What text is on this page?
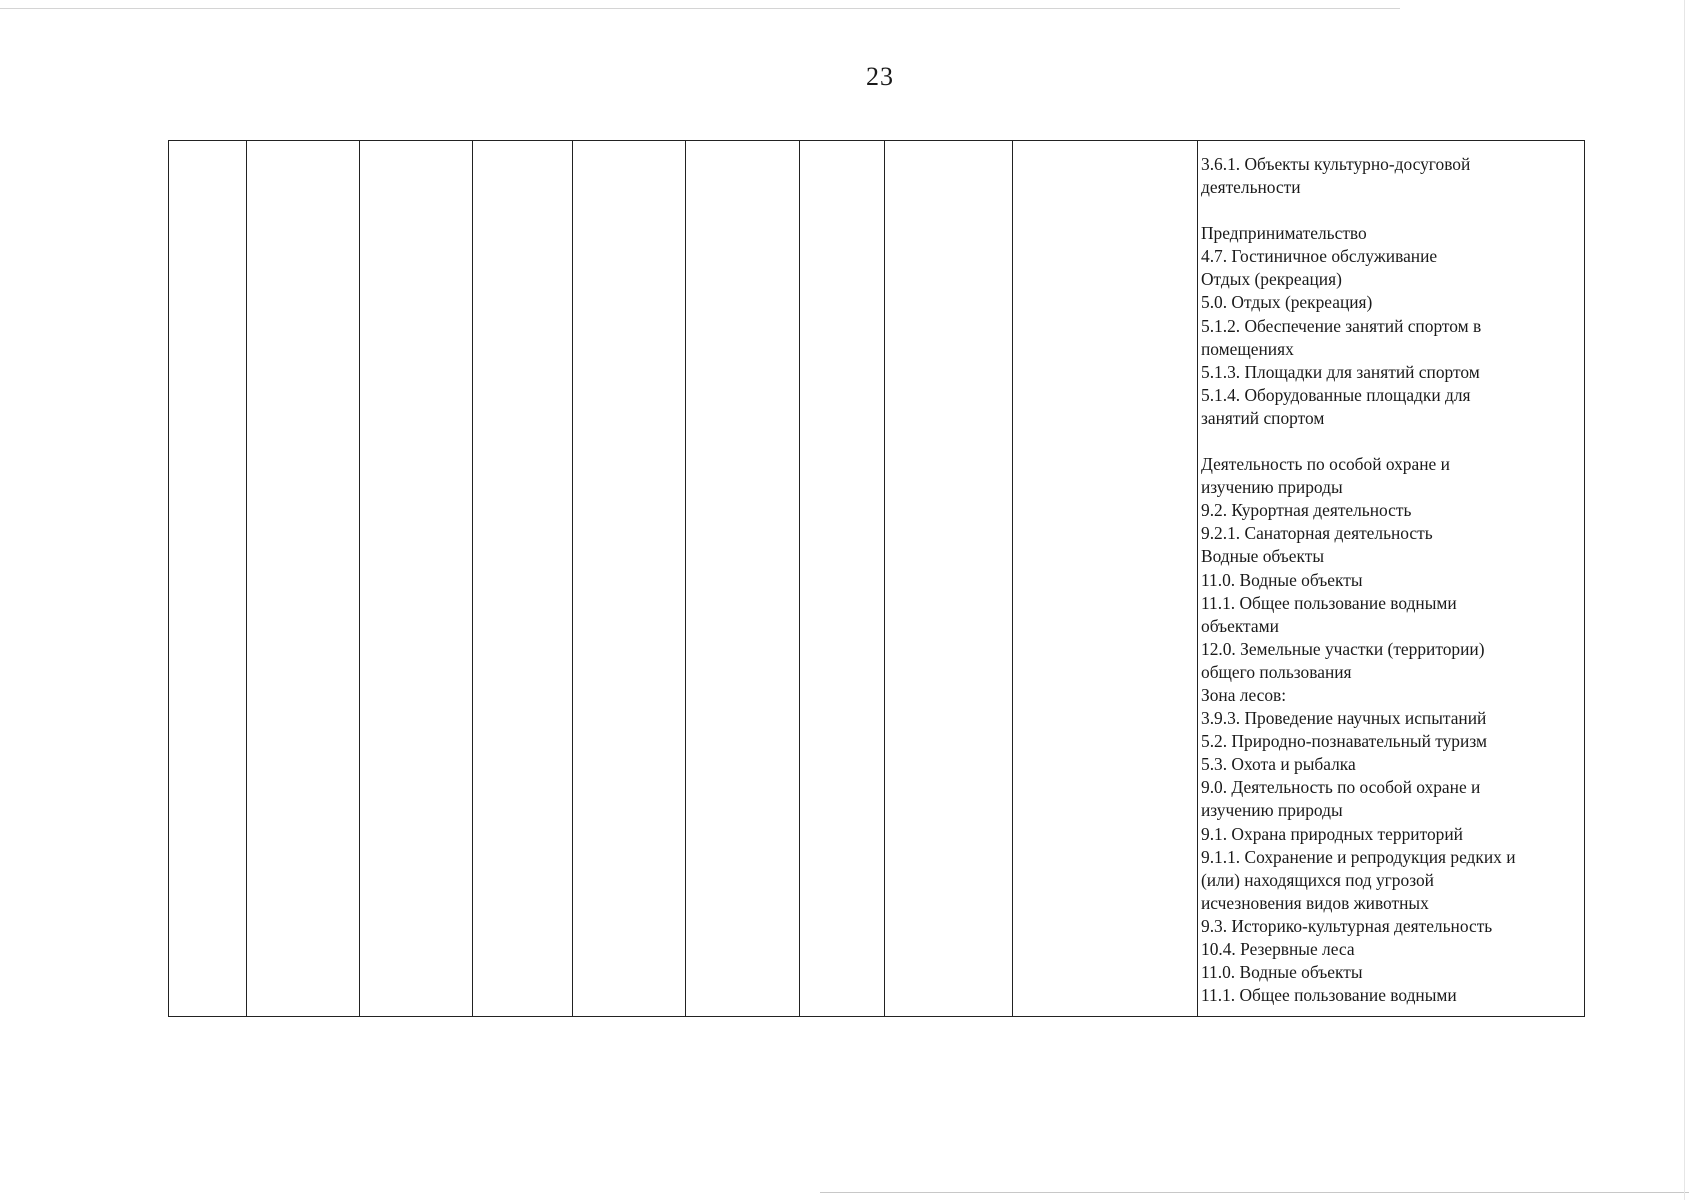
23

3.6.1. Объекты культурно-досуговой
деятельности
Предпринимательство
4.7. Гостиничное обслуживание
Отдых (рекреация)
5.0. Отдых (рекреация)
5.1.2. Обеспечение занятий спортом в
помещениях
5.1.3. Площадки для занятий спортом
5.1.4. Оборудованные площадки для
занятий спортом
Деятельность по особой охране и
изучению природы
9.2. Курортная деятельность
9.2.1. Санаторная деятельность
Водные объекты
11.0. Водные объекты
11.1. Общее пользование водными
объектами
12.0. Земельные участки (территории)
общего пользования
Зона лесов:
3.9.3. Проведение научных испытаний
5.2. Природно-познавательный туризм
5.3. Охота и рыбалка
9.0. Деятельность по особой охране и
изучению природы
9.1. Охрана природных территорий
9.1.1. Сохранение и репродукция редких и
(или) находящихся под угрозой
исчезновения видов животных
9.3. Историко-культурная деятельность
10.4. Резервные леса
11.0. Водные объекты
11.1. Общее пользование водными
